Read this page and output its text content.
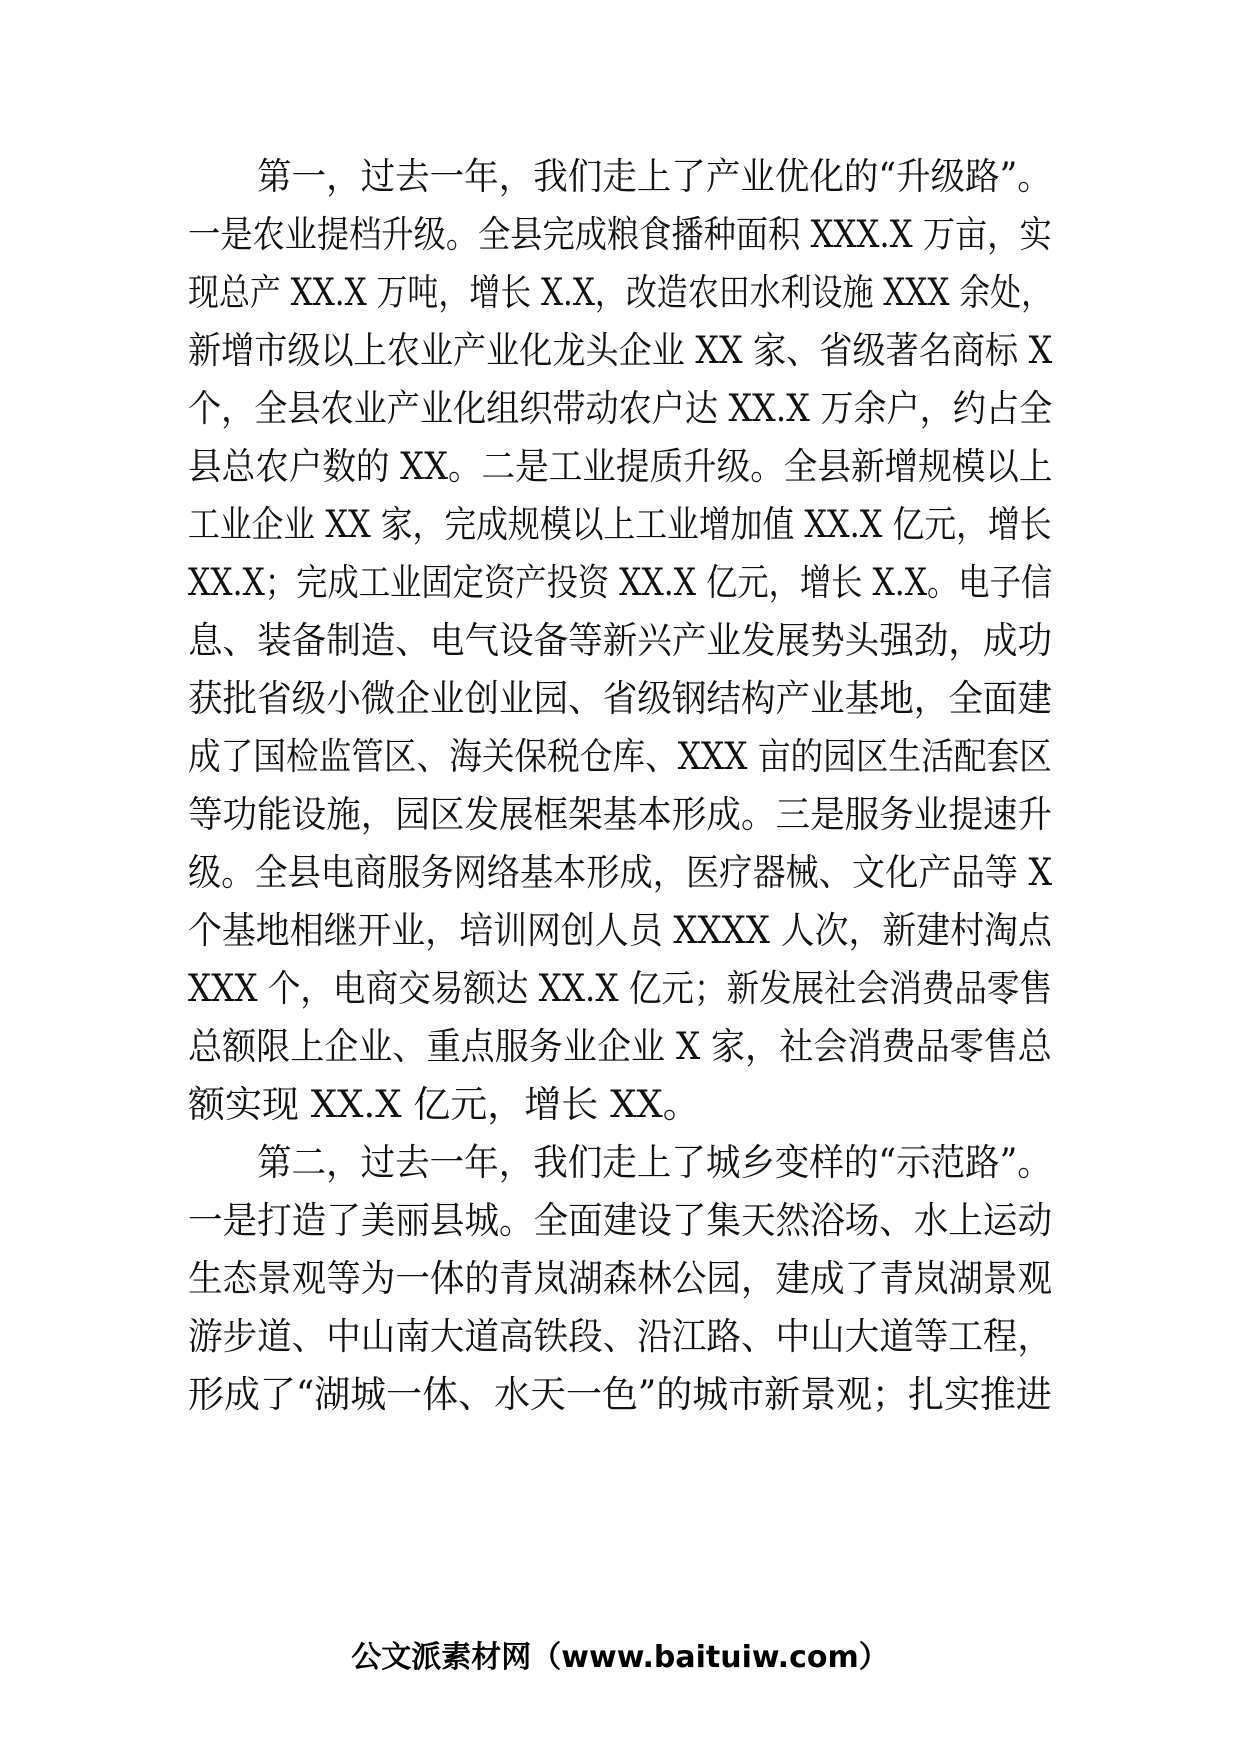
　　第一，过去一年，我们走上了产业优化的“升级路”。
一是农业提档升级。全县完成粮食播种面积 XXX.X 万亩，实
现总产 XX.X 万吨，增长 X.X，改造农田水利设施 XXX 余处，
新增市级以上农业产业化龙头企业 XX 家、省级著名商标 X
个，全县农业产业化组织带动农户达 XX.X 万余户，约占全
县总农户数的 XX。二是工业提质升级。全县新增规模以上
工业企业 XX 家，完成规模以上工业增加值 XX.X 亿元，增长
XX.X；完成工业固定资产投资 XX.X 亿元，增长 X.X。电子信
息、装备制造、电气设备等新兴产业发展势头强劲，成功
获批省级小微企业创业园、省级钢结构产业基地，全面建
成了国检监管区、海关保税仓库、XXX 亩的园区生活配套区
等功能设施，园区发展框架基本形成。三是服务业提速升
级。全县电商服务网络基本形成，医疗器械、文化产品等 X
个基地相继开业，培训网创人员 XXXX 人次，新建村淘点
XXX 个，电商交易额达 XX.X 亿元；新发展社会消费品零售
总额限上企业、重点服务业企业 X 家，社会消费品零售总
额实现 XX.X 亿元，增长 XX。
　　第二，过去一年，我们走上了城乡变样的“示范路”。
一是打造了美丽县城。全面建设了集天然浴场、水上运动
生态景观等为一体的青岚湖森林公园，建成了青岚湖景观
游步道、中山南大道高铁段、沿江路、中山大道等工程，
形成了“湖城一体、水天一色”的城市新景观；扎实推进
公文派素材网（www.baituiw.com）
